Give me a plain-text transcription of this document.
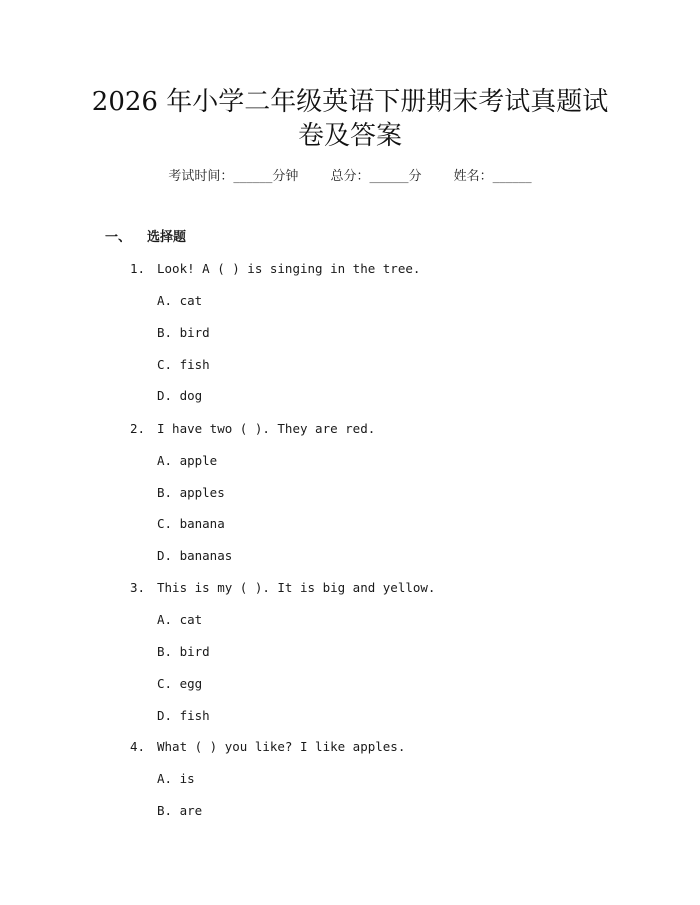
2026 年小学二年级英语下册期末考试真题试
卷及答案
考试时间：______分钟 总分：______分 姓名：______
一、 选择题
1. Look! A ( ) is singing in the tree.
A. cat
B. bird
C. fish
D. dog
2. I have two ( ). They are red.
A. apple
B. apples
C. banana
D. bananas
3. This is my ( ). It is big and yellow.
A. cat
B. bird
C. egg
D. fish
4. What ( ) you like? I like apples.
A. is
B. are
